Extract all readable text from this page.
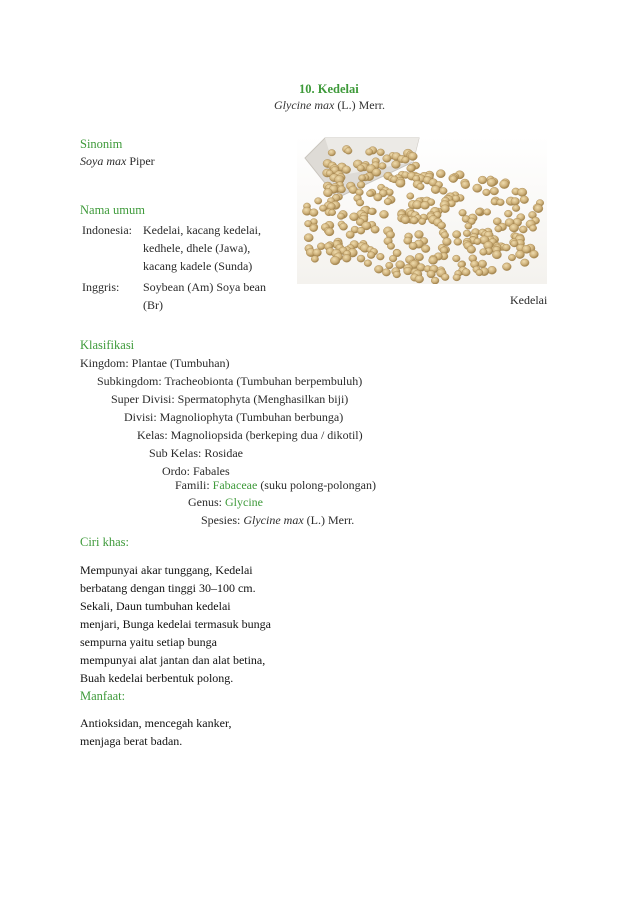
10. Kedelai
Glycine max (L.) Merr.
Sinonim
Soya max Piper
Nama umum
Indonesia: Kedelai, kacang kedelai,
kedhele, dhele (Jawa),
kacang kadele (Sunda)
Inggris: Soybean (Am) Soya bean
(Br)	Kedelai
Klasifikasi
Kingdom: Plantae (Tumbuhan)
Subkingdom: Tracheobionta (Tumbuhan berpembuluh)
Super Divisi: Spermatophyta (Menghasilkan biji)
Divisi: Magnoliophyta (Tumbuhan berbunga)
Kelas: Magnoliopsida (berkeping dua / dikotil)
Sub Kelas: Rosidae
Ordo: Fabales
Famili: Fabaceae (suku polong-polongan)
Genus: Glycine
Spesies: Glycine max (L.) Merr.
Ciri khas:
Mempunyai akar tunggang, Kedelai
berbatang dengan tinggi 30–100 cm.
Sekali, Daun tumbuhan kedelai
menjari, Bunga kedelai termasuk bunga
sempurna yaitu setiap bunga
mempunyai alat jantan dan alat betina,
Buah kedelai berbentuk polong.
Manfaat:
Antioksidan, mencegah kanker,
menjaga berat badan.
